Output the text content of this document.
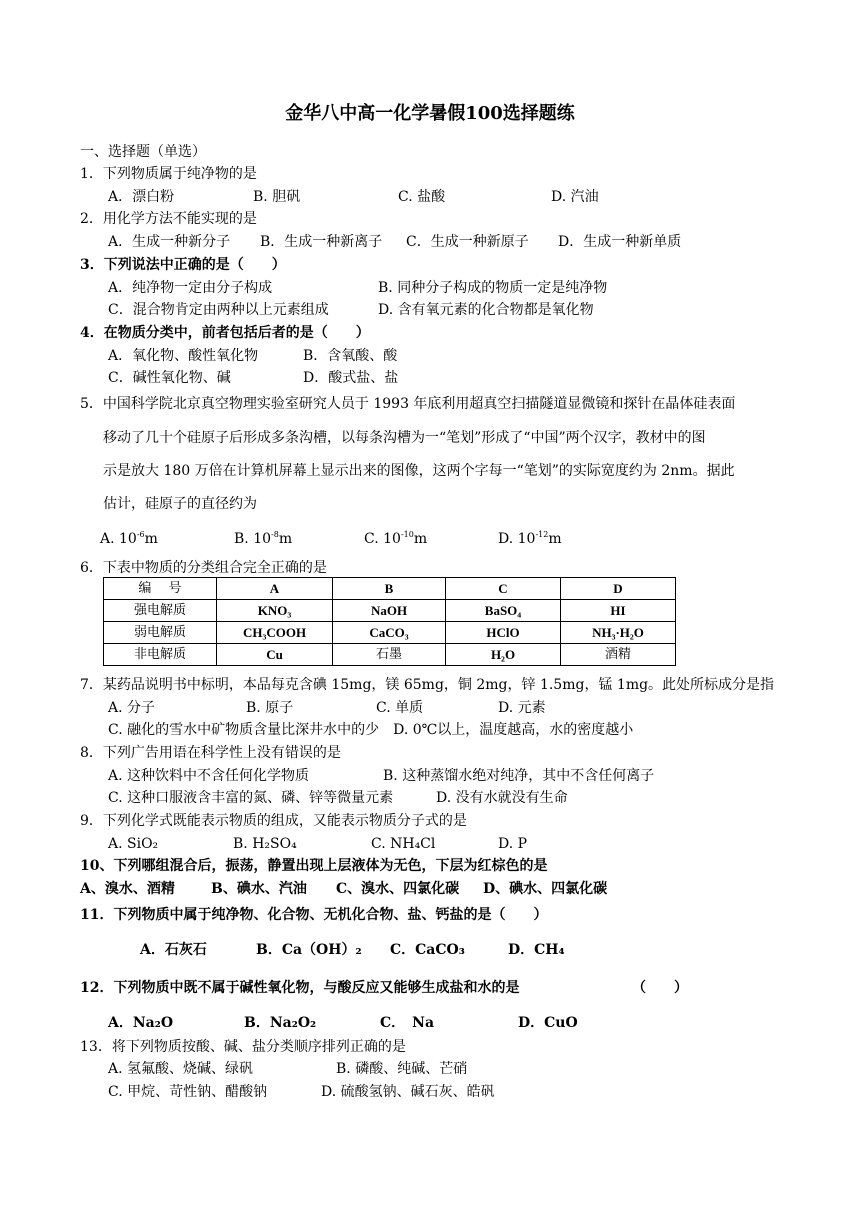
金华八中高一化学暑假100选择题练
一、选择题（单选）
1．下列物质属于纯净物的是
A．漂白粉	B. 胆矾	C. 盐酸	D. 汽油
2．用化学方法不能实现的是
A．生成一种新分子 B．生成一种新离子 C．生成一种新原子 D．生成一种新单质
3．下列说法中正确的是（　　）
A．纯净物一定由分子构成	B. 同种分子构成的物质一定是纯净物
C．混合物肯定由两种以上元素组成	D. 含有氧元素的化合物都是氧化物
4．在物质分类中，前者包括后者的是（　　）
A．氧化物、酸性氧化物	B．含氧酸、酸
C．碱性氧化物、碱	D．酸式盐、盐
5．中国科学院北京真空物理实验室研究人员于 1993 年底利用超真空扫描隧道显微镜和探针在晶体硅表面
移动了几十个硅原子后形成多条沟槽，以每条沟槽为一“笔划”形成了“中国”两个汉字，教材中的图
示是放大 180 万倍在计算机屏幕上显示出来的图像，这两个字每一“笔划”的实际宽度约为 2nm。据此
估计，硅原子的直径约为
A. $10^{-6}m$	B. $10^{-8}m$	C. $10^{-10}m$	D. $10^{-12}m$
6．下表中物质的分类组合完全正确的是
编　 号	A	B	C	D
强电解质	KNO₃	NaOH	BaSO₄	HI
弱电解质	CH₃COOH	CaCO₃	HClO	NH₃·H₂O
非电解质	Cu	石墨	H₂O	酒精
7．某药品说明书中标明，本品每克含碘 15mg，镁 65mg，铜 2mg，锌 1.5mg，锰 1mg。此处所标成分是指
A. 分子	B. 原子	C. 单质	D. 元素
C. 融化的雪水中矿物质含量比深井水中的少　D. 0℃以上，温度越高，水的密度越小
8．下列广告用语在科学性上没有错误的是
A. 这种饮料中不含任何化学物质	B. 这种蒸馏水绝对纯净，其中不含任何离子
C. 这种口服液含丰富的氮、磷、锌等微量元素	D. 没有水就没有生命
9．下列化学式既能表示物质的组成，又能表示物质分子式的是
A. SiO₂	B. H₂SO₄	C. NH₄Cl	D. P
10、下列哪组混合后，振荡，静置出现上层液体为无色，下层为红棕色的是
A、溴水、酒精	B、碘水、汽油 C、溴水、四氯化碳 D、碘水、四氯化碳
11．下列物质中属于纯净物、化合物、无机化合物、盐、钙盐的是（　　）
A．石灰石	B．Ca（OH）₂ C．CaCO₃	D．CH₄
12．下列物质中既不属于碱性氧化物，与酸反应又能够生成盐和水的是	（　　）
A．Na₂O	B．Na₂O₂	C．　Na	D．CuO
13．将下列物质按酸、碱、盐分类顺序排列正确的是
A. 氢氟酸、烧碱、绿矾	B. 磷酸、纯碱、芒硝
C. 甲烷、苛性钠、醋酸钠	D. 硫酸氢钠、碱石灰、皓矾
